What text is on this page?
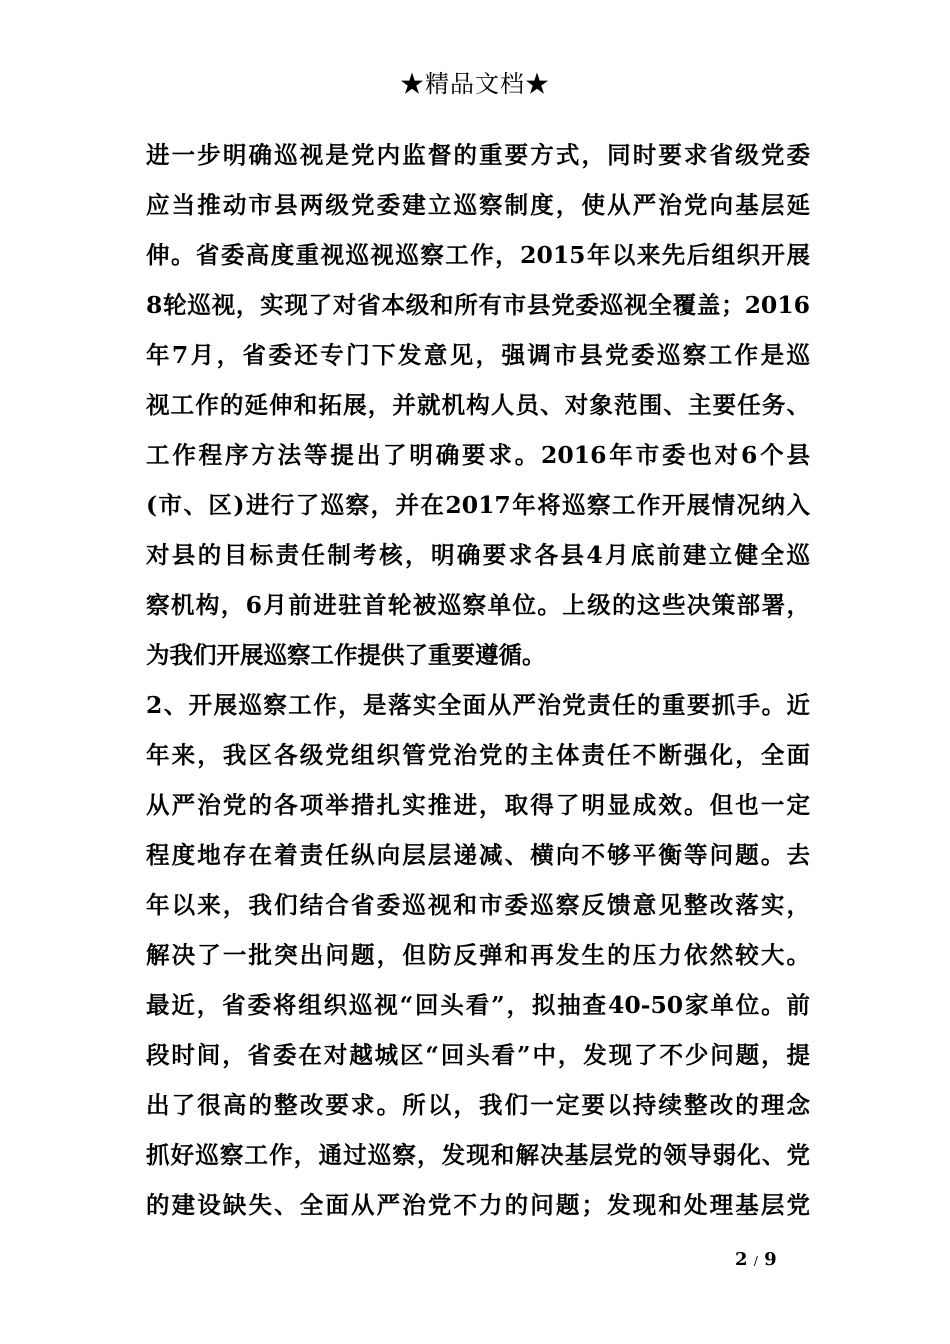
★精品文档★
进一步明确巡视是党内监督的重要方式，同时要求省级党委
应当推动市县两级党委建立巡察制度，使从严治党向基层延
伸。省委高度重视巡视巡察工作，2015年以来先后组织开展
8轮巡视，实现了对省本级和所有市县党委巡视全覆盖；2016
年7月，省委还专门下发意见，强调市县党委巡察工作是巡
视工作的延伸和拓展，并就机构人员、对象范围、主要任务、
工作程序方法等提出了明确要求。2016年市委也对6个县
(市、区)进行了巡察，并在2017年将巡察工作开展情况纳入
对县的目标责任制考核，明确要求各县4月底前建立健全巡
察机构，6月前进驻首轮被巡察单位。上级的这些决策部署，
为我们开展巡察工作提供了重要遵循。
2、开展巡察工作，是落实全面从严治党责任的重要抓手。近
年来，我区各级党组织管党治党的主体责任不断强化，全面
从严治党的各项举措扎实推进，取得了明显成效。但也一定
程度地存在着责任纵向层层递减、横向不够平衡等问题。去
年以来，我们结合省委巡视和市委巡察反馈意见整改落实，
解决了一批突出问题，但防反弹和再发生的压力依然较大。
最近，省委将组织巡视“回头看”，拟抽查40-50家单位。前
段时间，省委在对越城区“回头看”中，发现了不少问题，提
出了很高的整改要求。所以，我们一定要以持续整改的理念
抓好巡察工作，通过巡察，发现和解决基层党的领导弱化、党
的建设缺失、全面从严治党不力的问题；发现和处理基层党
2 / 9
